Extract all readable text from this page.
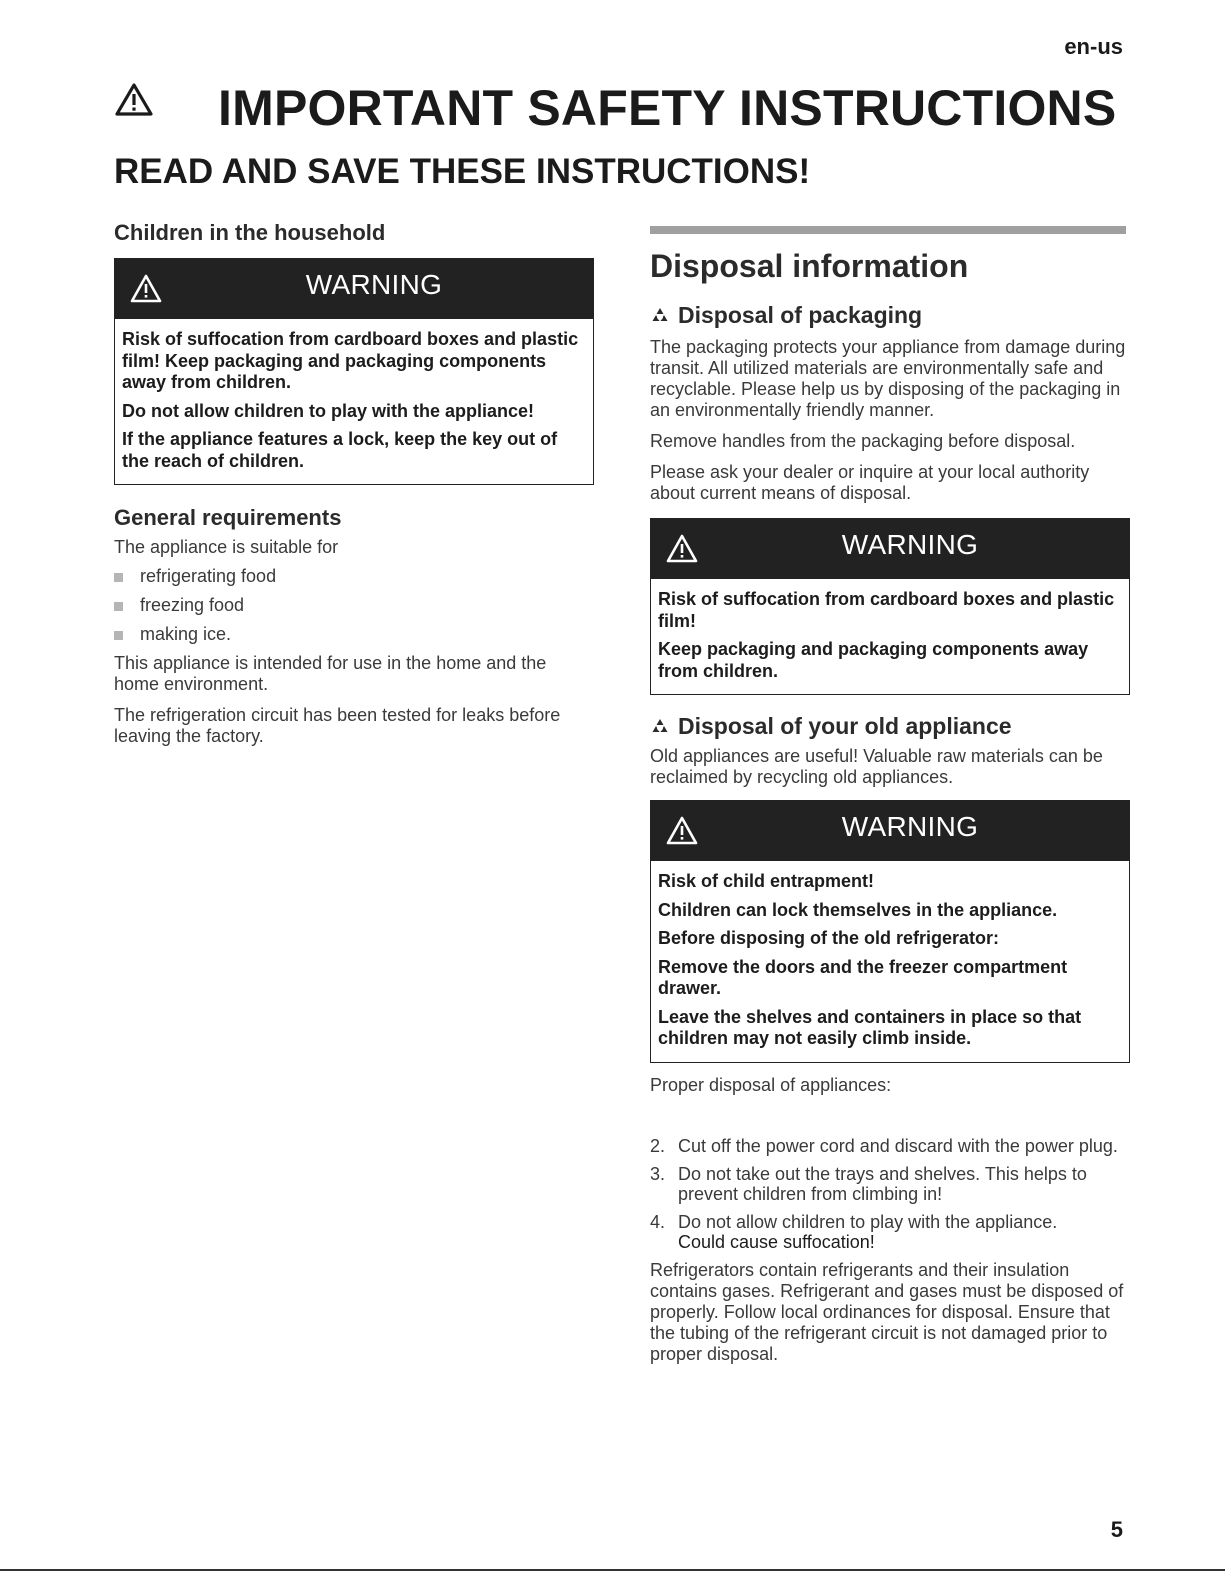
en-us
IMPORTANT SAFETY INSTRUCTIONS
READ AND SAVE THESE INSTRUCTIONS!
Children in the household
WARNING

Risk of suffocation from cardboard boxes and plastic film! Keep packaging and packaging components away from children.

Do not allow children to play with the appliance!

If the appliance features a lock, keep the key out of the reach of children.

General requirements

The appliance is suitable for

refrigerating food
freezing food
making ice.

This appliance is intended for use in the home and the home environment.

The refrigeration circuit has been tested for leaks before leaving the factory.

Disposal information
Disposal of packaging

The packaging protects your appliance from damage during transit. All utilized materials are environmentally safe and recyclable. Please help us by disposing of the packaging in an environmentally friendly manner.

Remove handles from the packaging before disposal.

Please ask your dealer or inquire at your local authority about current means of disposal.

WARNING

Risk of suffocation from cardboard boxes and plastic film!

Keep packaging and packaging components away from children.

Disposal of your old appliance

Old appliances are useful! Valuable raw materials can be reclaimed by recycling old appliances.

WARNING

Risk of child entrapment!

Children can lock themselves in the appliance.

Before disposing of the old refrigerator:

Remove the doors and the freezer compartment drawer.

Leave the shelves and containers in place so that children may not easily climb inside.

Proper disposal of appliances:

2. Cut off the power cord and discard with the power plug.
3. Do not take out the trays and shelves. This helps to prevent children from climbing in!
4. Do not allow children to play with the appliance.
Could cause suffocation!

Refrigerators contain refrigerants and their insulation contains gases. Refrigerant and gases must be disposed of properly. Follow local ordinances for disposal. Ensure that the tubing of the refrigerant circuit is not damaged prior to proper disposal.

5
